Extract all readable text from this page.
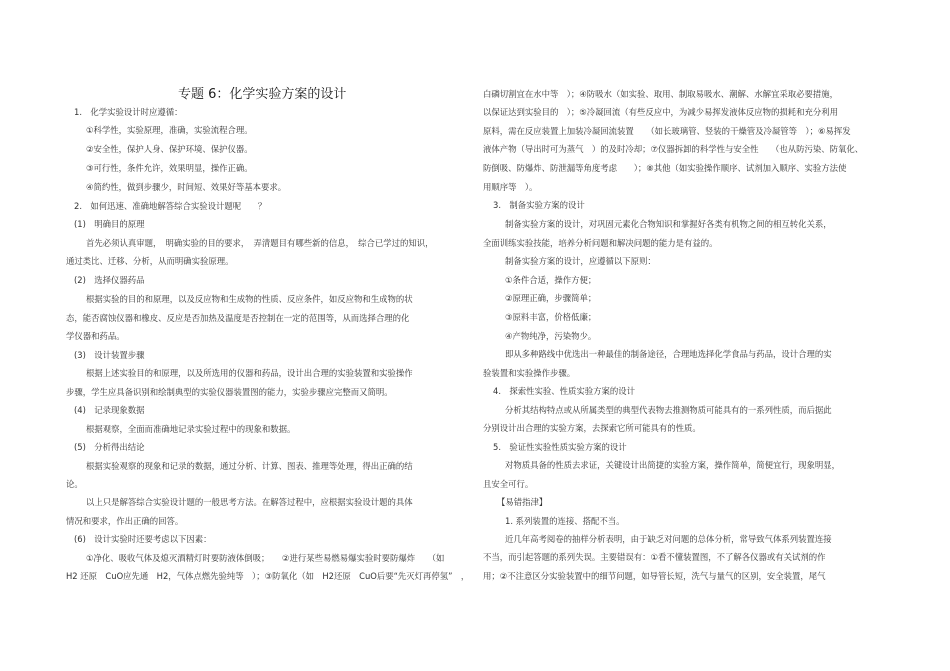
专题 6：化学实验方案的设计
1.　化学实验设计时应遵循：
①科学性，实验原理，准确，实验流程合理。
②安全性，保护人身、保护环境、保护仪器。
③可行性，条件允许，效果明显，操作正确。
④简约性，做到步骤少，时间短、效果好等基本要求。
2.　如何迅速、准确地解答综合实验设计题呢　　？
(1)　明确目的原理
首先必须认真审题，　明确实验的目的要求，　弄清题目有哪些新的信息，　综合已学过的知识，
通过类比、迁移、分析，从而明确实验原理。
(2)　选择仪器药品
根据实验的目的和原理，以及反应物和生成物的性质、反应条件，如反应物和生成物的状
态，能否腐蚀仪器和橡皮、反应是否加热及温度是否控制在一定的范围等，从而选择合理的化
学仪器和药品。
(3)　设计装置步骤
根据上述实验目的和原理，以及所选用的仪器和药品，设计出合理的实验装置和实验操作
步骤，学生应具备识别和绘制典型的实验仪器装置图的能力，实验步骤应完整而又简明。
(4)　记录现象数据
根据观察，全面而准确地记录实验过程中的现象和数据。
(5)　分析得出结论
根据实验观察的现象和记录的数据，通过分析、计算、图表、推理等处理，得出正确的结
论。
以上只是解答综合实验设计题的一般思考方法。在解答过程中，应根据实验设计题的具体
情况和要求，作出正确的回答。
(6)　设计实验时还要考虑以下因素：
①净化、吸收气体及熄灭酒精灯时要防液体倒吸；　　②进行某些易燃易爆实验时要防爆炸　　（如
H2 还原　CuO应先通　H2，气体点燃先验纯等　）；③防氧化（如　H2还原　CuO后要“先灭灯再停氢”　，
白磷切割宜在水中等　）；④防吸水（如实验、取用、制取易吸水、潮解、水解宜采取必要措施，
以保证达到实验目的　）；⑤冷凝回流（有些反应中，为减少易挥发液体反应物的损耗和充分利用
原料，需在反应装置上加装冷凝回流装置　　（如长玻璃管、竖装的干燥管及冷凝管等　）；⑥易挥发
液体产物（导出时可为蒸气　）的及时冷却；⑦仪器拆卸的科学性与安全性　　（也从防污染、防氧化、
防倒吸、防爆炸、防泄漏等角度考虑　　）；⑧其他（如实验操作顺序、试剂加入顺序、实验方法使
用顺序等　）。
3.　制备实验方案的设计
制备实验方案的设计，对巩固元素化合物知识和掌握好各类有机物之间的相互转化关系，
全面训练实验技能，培养分析问题和解决问题的能力是有益的。
制备实验方案的设计，应遵循以下原则：
①条件合适，操作方便；
②原理正确，步骤简单；
③原料丰富，价格低廉；
④产物纯净，污染物少。
即从多种路线中优选出一种最佳的制备途径，合理地选择化学食品与药品，设计合理的实
验装置和实验操作步骤。
4.　探索性实验、性质实验方案的设计
分析其结构特点或从所属类型的典型代表物去推测物质可能具有的一系列性质，而后据此
分别设计出合理的实验方案，去探索它所可能具有的性质。
5.　验证性实验性质实验方案的设计
对物质具备的性质去求证，关键设计出简捷的实验方案，操作简单，简便宜行，现象明显，
且安全可行。
【易错指津】
1. 系列装置的连接、搭配不当。
近几年高考阅卷的抽样分析表明，由于缺乏对问题的总体分析，常导致气体系列装置连接
不当，而引起答题的系列失误。主要错误有：①看不懂装置图，不了解各仪器或有关试剂的作
用；②不注意区分实验装置中的细节问题，如导管长短，洗气与量气的区别，安全装置，尾气
